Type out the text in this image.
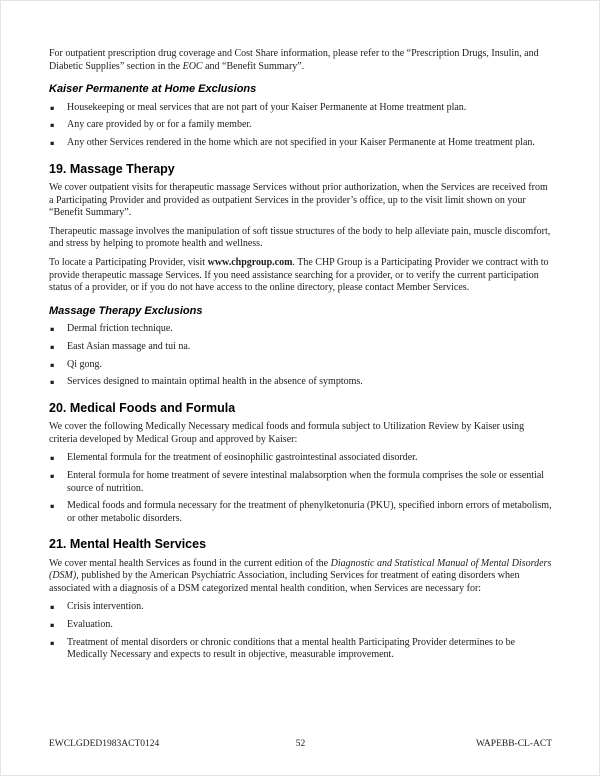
For outpatient prescription drug coverage and Cost Share information, please refer to the “Prescription Drugs, Insulin, and Diabetic Supplies” section in the EOC and “Benefit Summary”.

Kaiser Permanente at Home Exclusions
▪	Housekeeping or meal services that are not part of your Kaiser Permanente at Home treatment plan.
▪	Any care provided by or for a family member.
▪	Any other Services rendered in the home which are not specified in your Kaiser Permanente at Home treatment plan.
19. Massage Therapy

We cover outpatient visits for therapeutic massage Services without prior authorization, when the Services are received from a Participating Provider and provided as outpatient Services in the provider’s office, up to the visit limit shown on your “Benefit Summary”.

Therapeutic massage involves the manipulation of soft tissue structures of the body to help alleviate pain, muscle discomfort, and stress by helping to promote health and wellness.

To locate a Participating Provider, visit www.chpgroup.com. The CHP Group is a Participating Provider we contract with to provide therapeutic massage Services. If you need assistance searching for a provider, or to verify the current participation status of a provider, or if you do not have access to the online directory, please contact Member Services.

Massage Therapy Exclusions
▪	Dermal friction technique.
▪	East Asian massage and tui na.
▪	Qi gong.
▪	Services designed to maintain optimal health in the absence of symptoms.
20. Medical Foods and Formula

We cover the following Medically Necessary medical foods and formula subject to Utilization Review by Kaiser using criteria developed by Medical Group and approved by Kaiser:

▪	Elemental formula for the treatment of eosinophilic gastrointestinal associated disorder.
▪	Enteral formula for home treatment of severe intestinal malabsorption when the formula comprises the sole or essential source of nutrition.
▪	Medical foods and formula necessary for the treatment of phenylketonuria (PKU), specified inborn errors of metabolism, or other metabolic disorders.
21. Mental Health Services

We cover mental health Services as found in the current edition of the Diagnostic and Statistical Manual of Mental Disorders (DSM), published by the American Psychiatric Association, including Services for treatment of eating disorders when associated with a diagnosis of a DSM categorized mental health condition, when Services are necessary for:

▪	Crisis intervention.
▪	Evaluation.
▪	Treatment of mental disorders or chronic conditions that a mental health Participating Provider determines to be Medically Necessary and expects to result in objective, measurable improvement.
EWCLGDED1983ACT0124	52	WAPEBB-CL-ACT
